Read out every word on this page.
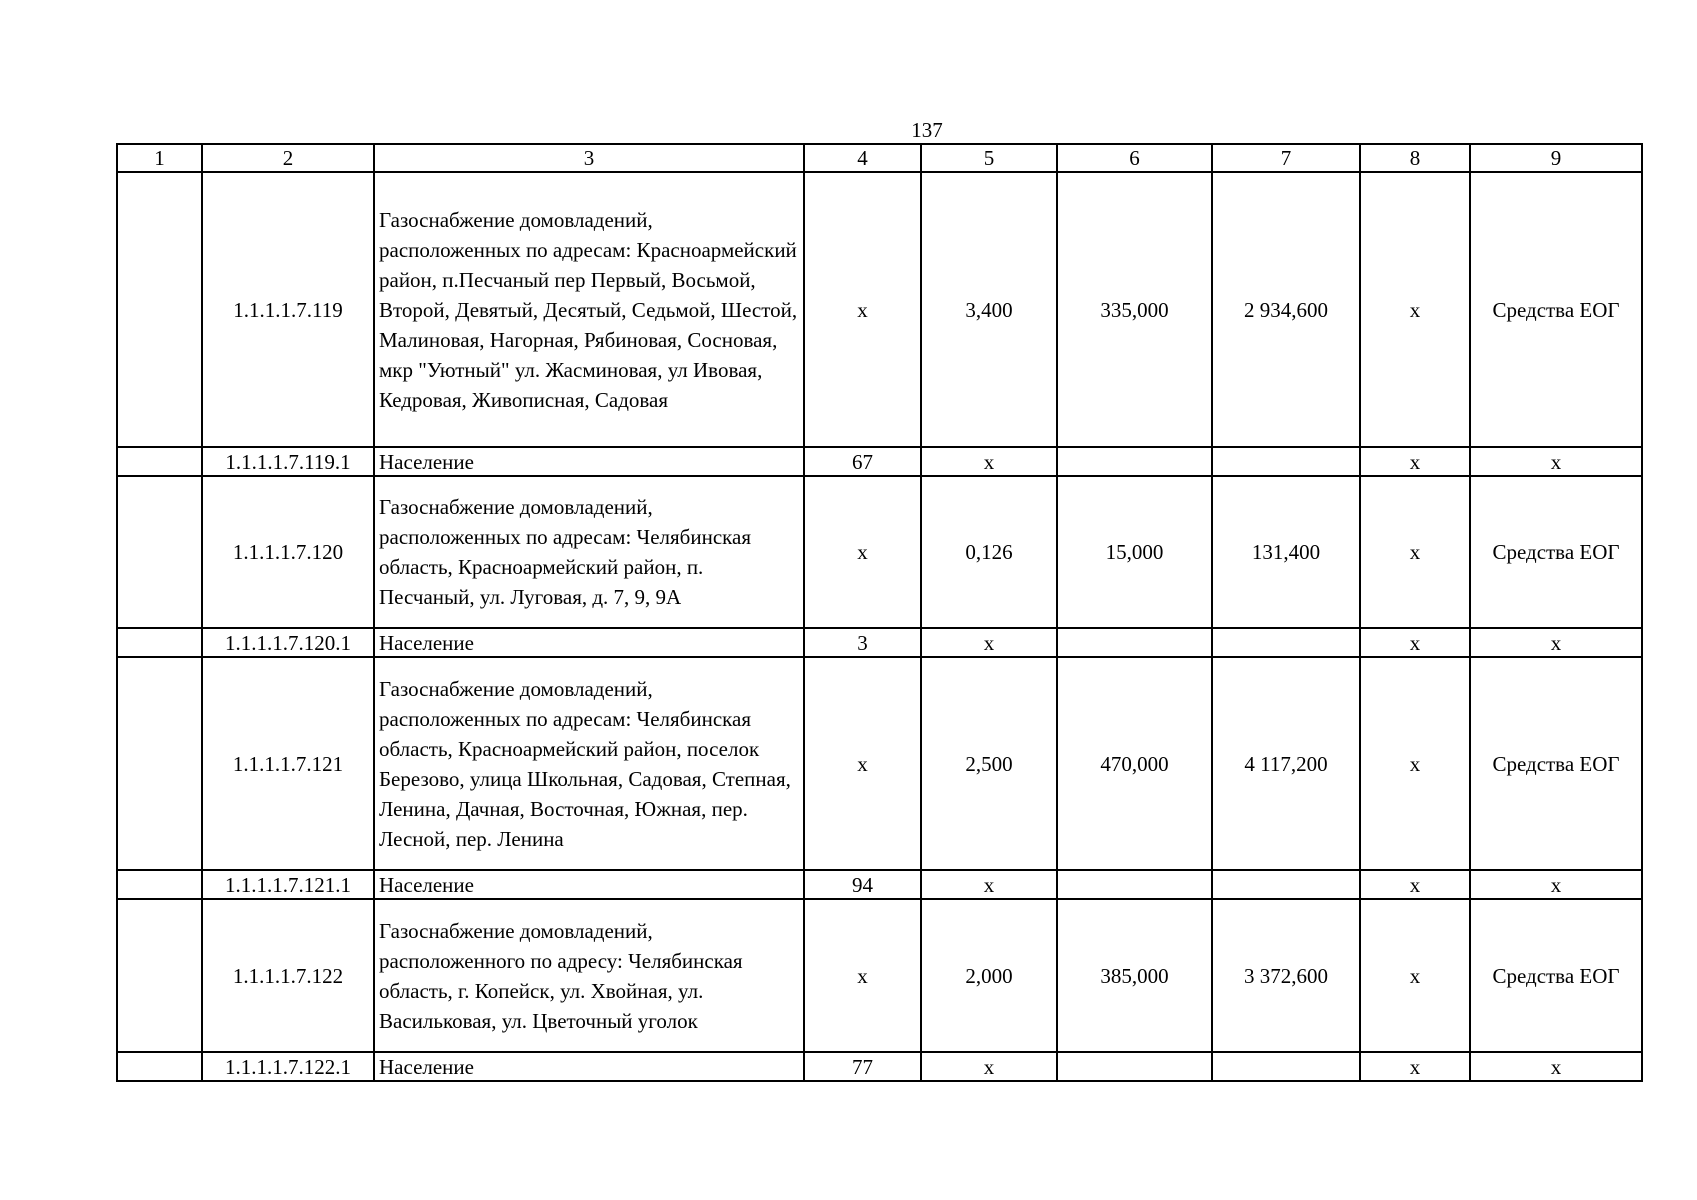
137
1	2	3	4	5	6	7	8	9
	1.1.1.1.7.119	Газоснабжение домовладений, расположенных по адресам: Красноармейский район, п.Песчаный пер Первый, Восьмой, Второй, Девятый, Десятый, Седьмой, Шестой, Малиновая, Нагорная, Рябиновая, Сосновая, мкр "Уютный" ул. Жасминовая, ул Ивовая, Кедровая, Живописная, Садовая	x	3,400	335,000	2 934,600	x	Средства ЕОГ
	1.1.1.1.7.119.1	Население	67	x			x	x
	1.1.1.1.7.120	Газоснабжение домовладений, расположенных по адресам: Челябинская область, Красноармейский район, п. Песчаный, ул. Луговая, д. 7, 9, 9А	x	0,126	15,000	131,400	x	Средства ЕОГ
	1.1.1.1.7.120.1	Население	3	x			x	x
	1.1.1.1.7.121	Газоснабжение домовладений, расположенных по адресам: Челябинская область, Красноармейский район, поселок Березово, улица Школьная, Садовая, Степная, Ленина, Дачная, Восточная, Южная, пер. Лесной, пер. Ленина	x	2,500	470,000	4 117,200	x	Средства ЕОГ
	1.1.1.1.7.121.1	Население	94	x			x	x
	1.1.1.1.7.122	Газоснабжение домовладений, расположенного по адресу: Челябинская область, г. Копейск, ул. Хвойная, ул. Васильковая, ул. Цветочный уголок	x	2,000	385,000	3 372,600	x	Средства ЕОГ
	1.1.1.1.7.122.1	Население	77	x			x	x
